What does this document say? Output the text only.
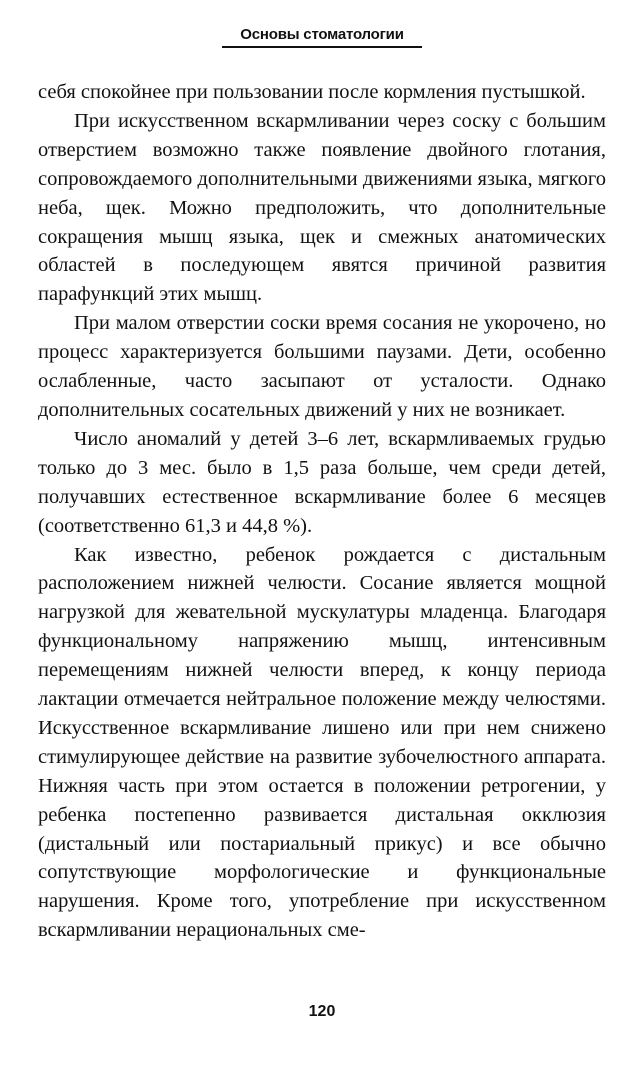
Основы стоматологии

себя спокойнее при пользовании после кормления пустышкой.

При искусственном вскармливании через соску с большим отверстием возможно также появление двойного глотания, сопровождаемого дополнительными движениями языка, мягкого неба, щек. Можно предположить, что дополнительные сокращения мышц языка, щек и смежных анатомических областей в последующем явятся причиной развития парафункций этих мышц.

При малом отверстии соски время сосания не укорочено, но процесс характеризуется большими паузами. Дети, особенно ослабленные, часто засыпают от усталости. Однако дополнительных сосательных движений у них не возникает.

Число аномалий у детей 3–6 лет, вскармливаемых грудью только до 3 мес. было в 1,5 раза больше, чем среди детей, получавших естественное вскармливание более 6 месяцев (соответственно 61,3 и 44,8 %).

Как известно, ребенок рождается с дистальным расположением нижней челюсти. Сосание является мощной нагрузкой для жевательной мускулатуры младенца. Благодаря функциональному напряжению мышц, интенсивным перемещениям нижней челюсти вперед, к концу периода лактации отмечается нейтральное положение между челюстями. Искусственное вскармливание лишено или при нем снижено стимулирующее действие на развитие зубочелюстного аппарата. Нижняя часть при этом остается в положении ретрогении, у ребенка постепенно развивается дистальная окклюзия (дистальный или постариальный прикус) и все обычно сопутствующие морфологические и функциональные нарушения. Кроме того, употребление при искусственном вскармливании нерациональных сме-

120
